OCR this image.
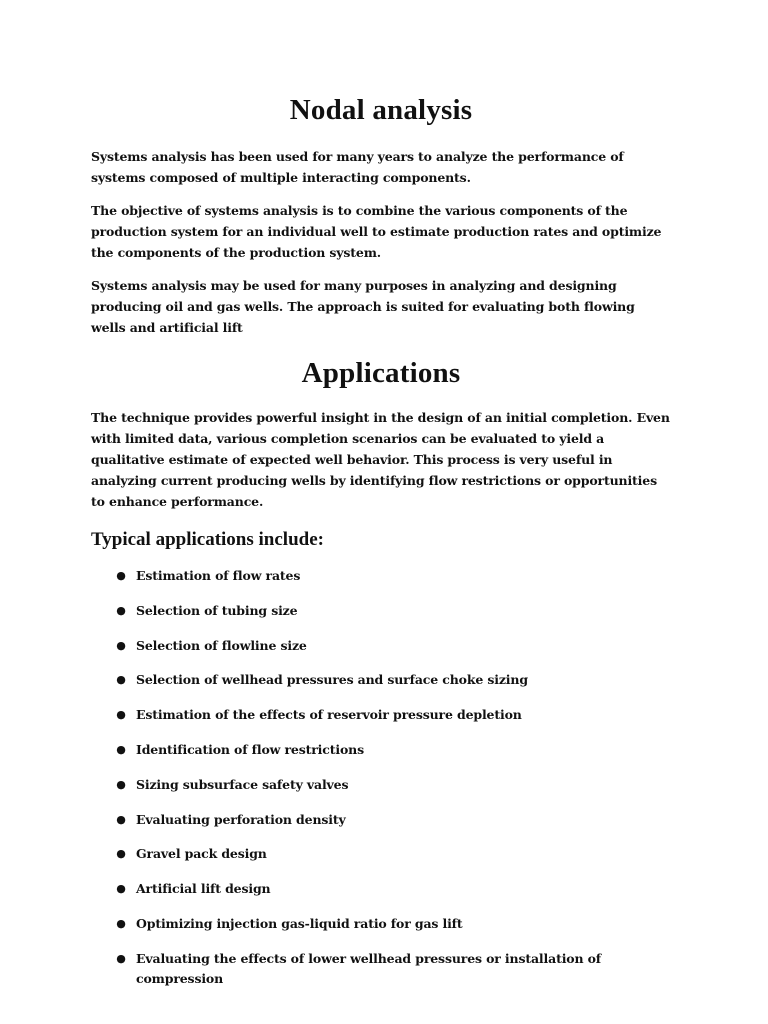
Nodal analysis

Systems analysis has been used for many years to analyze the performance of systems composed of multiple interacting components.

The objective of systems analysis is to combine the various components of the production system for an individual well to estimate production rates and optimize the components of the production system.

Systems analysis may be used for many purposes in analyzing and designing producing oil and gas wells. The approach is suited for evaluating both flowing wells and artificial lift

Applications

The technique provides powerful insight in the design of an initial completion. Even with limited data, various completion scenarios can be evaluated to yield a qualitative estimate of expected well behavior. This process is very useful in analyzing current producing wells by identifying flow restrictions or opportunities to enhance performance.

Typical applications include:
● Estimation of flow rates
● Selection of tubing size
● Selection of flowline size
● Selection of wellhead pressures and surface choke sizing
● Estimation of the effects of reservoir pressure depletion
● Identification of flow restrictions
● Sizing subsurface safety valves
● Evaluating perforation density
● Gravel pack design
● Artificial lift design
● Optimizing injection gas-liquid ratio for gas lift
● Evaluating the effects of lower wellhead pressures or installation of compression
